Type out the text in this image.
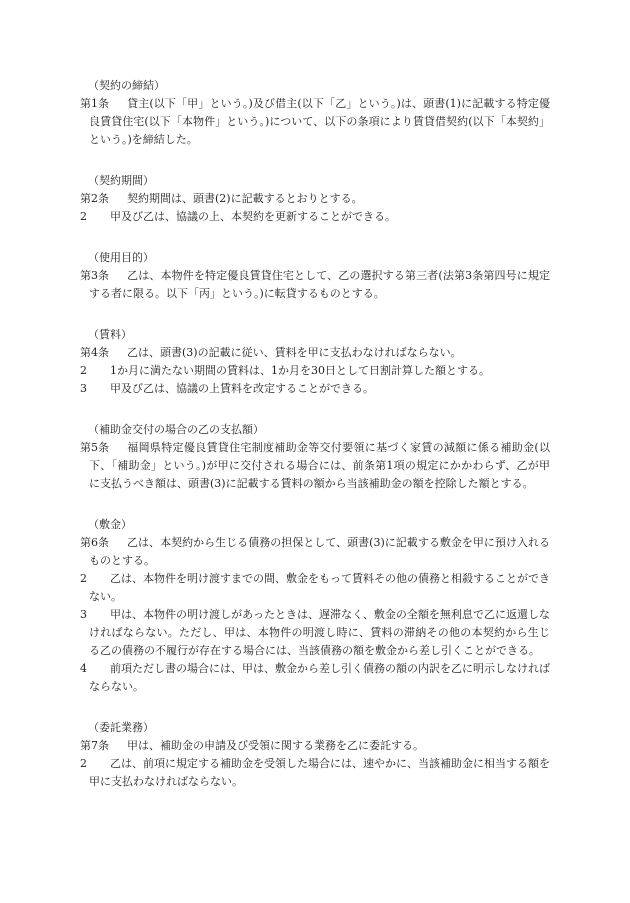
（契約の締結）
第1条 貸主(以下「甲」という。)及び借主(以下「乙」という。)は、頭書(1)に記載する特定優良賃貸住宅(以下「本物件」という。)について、以下の条項により賃貸借契約(以下「本契約」という。)を締結した。
（契約期間）
第2条 契約期間は、頭書(2)に記載するとおりとする。
2 甲及び乙は、協議の上、本契約を更新することができる。
（使用目的）
第3条 乙は、本物件を特定優良賃貸住宅として、乙の選択する第三者(法第3条第四号に規定する者に限る。以下「丙」という。)に転貸するものとする。
（賃料）
第4条 乙は、頭書(3)の記載に従い、賃料を甲に支払わなければならない。
2 1か月に満たない期間の賃料は、1か月を30日として日割計算した額とする。
3 甲及び乙は、協議の上賃料を改定することができる。
（補助金交付の場合の乙の支払額）
第5条 福岡県特定優良賃貸住宅制度補助金等交付要領に基づく家賃の減額に係る補助金(以下、「補助金」という。)が甲に交付される場合には、前条第1項の規定にかかわらず、乙が甲に支払うべき額は、頭書(3)に記載する賃料の額から当該補助金の額を控除した額とする。
（敷金）
第6条 乙は、本契約から生じる債務の担保として、頭書(3)に記載する敷金を甲に預け入れるものとする。
2 乙は、本物件を明け渡すまでの間、敷金をもって賃料その他の債務と相殺することができない。
3 甲は、本物件の明け渡しがあったときは、遅滞なく、敷金の全額を無利息で乙に返還しなければならない。ただし、甲は、本物件の明渡し時に、賃料の滞納その他の本契約から生じる乙の債務の不履行が存在する場合には、当該債務の額を敷金から差し引くことができる。
4 前項ただし書の場合には、甲は、敷金から差し引く債務の額の内訳を乙に明示しなければならない。
（委託業務）
第7条 甲は、補助金の申請及び受領に関する業務を乙に委託する。
2 乙は、前項に規定する補助金を受領した場合には、速やかに、当該補助金に相当する額を甲に支払わなければならない。
